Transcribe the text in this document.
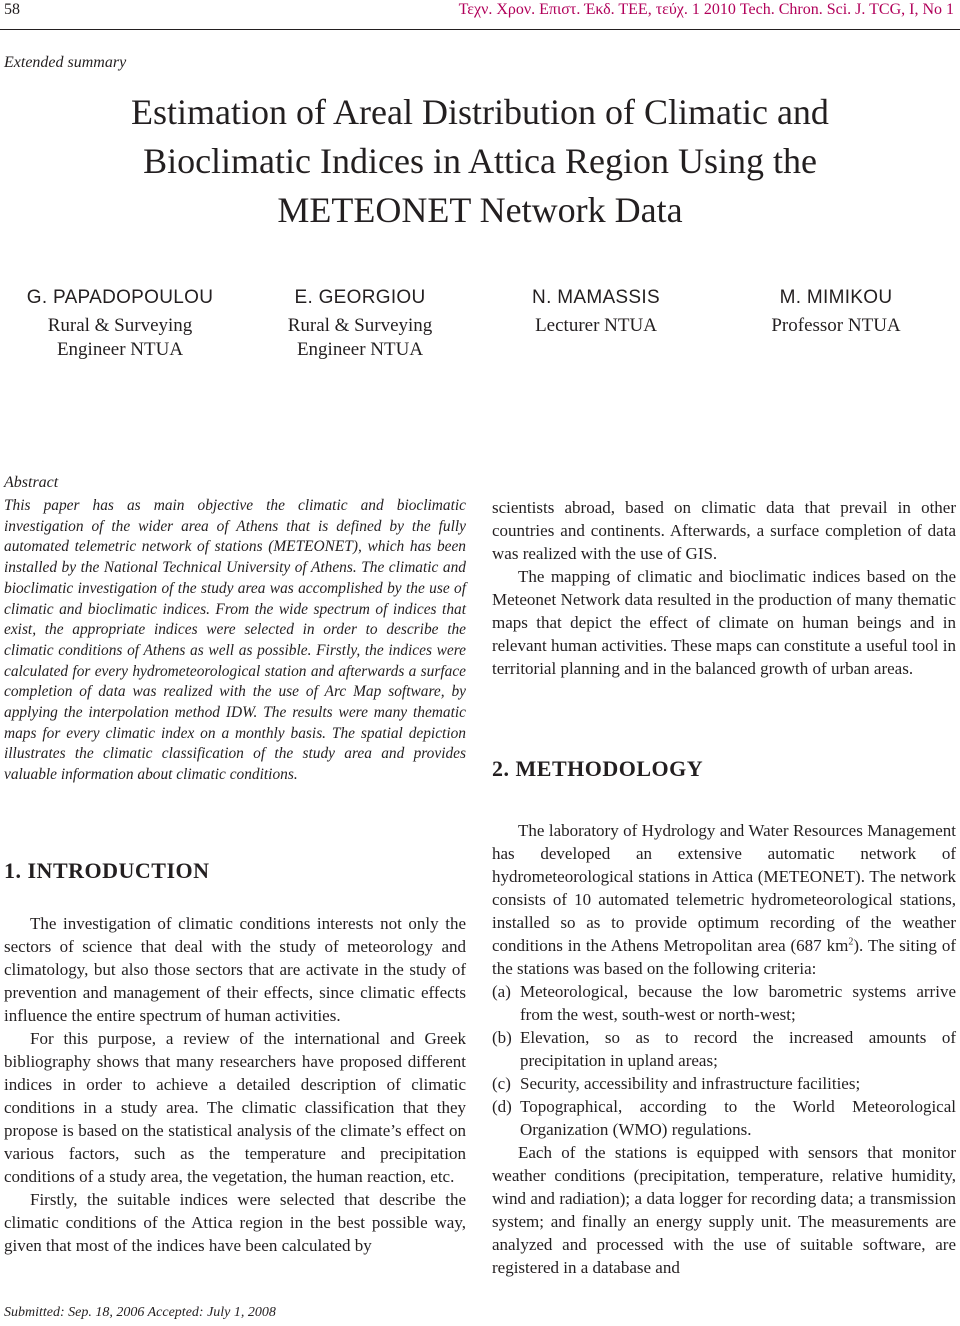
58	Τεχν. Χρον. Επιστ. Έκδ. ΤΕΕ, τεύχ. 1 2010 Tech. Chron. Sci. J. TCG, I, No 1
Extended summary
Estimation of Areal Distribution of Climatic and
Bioclimatic Indices in Attica Region Using the
METEONET Network Data
G. PAPADOPOULOU
Rural & Surveying
Engineer NTUA
E. GEORGIOU
Rural & Surveying
Engineer NTUA
N. MAMASSIS
Lecturer NTUA
M. MIMIKOU
Professor NTUA
Abstract

This paper has as main objective the climatic and bioclimatic investigation of the wider area of Athens that is defined by the fully automated telemetric network of stations (METEONET), which has been installed by the National Technical University of Athens. The climatic and bioclimatic investigation of the study area was accomplished by the use of climatic and bioclimatic indices. From the wide spectrum of indices that exist, the appropriate indices were selected in order to describe the climatic conditions of Athens as well as possible. Firstly, the indices were calculated for every hydrometeorological station and afterwards a surface completion of data was realized with the use of Arc Map software, by applying the interpolation method IDW. The results were many thematic maps for every climatic index on a monthly basis. The spatial depiction illustrates the climatic classification of the study area and provides valuable information about climatic conditions.

1. INTRODUCTION

The investigation of climatic conditions interests not only the sectors of science that deal with the study of meteorology and climatology, but also those sectors that are activate in the study of prevention and management of their effects, since climatic effects influence the entire spectrum of human activities.

For this purpose, a review of the international and Greek bibliography shows that many researchers have proposed different indices in order to achieve a detailed description of climatic conditions in a study area. The climatic classification that they propose is based on the statistical analysis of the climate’s effect on various factors, such as the temperature and precipitation conditions of a study area, the vegetation, the human reaction, etc.

Firstly, the suitable indices were selected that describe the climatic conditions of the Attica region in the best possible way, given that most of the indices have been calculated by

scientists abroad, based on climatic data that prevail in other countries and continents. Afterwards, a surface completion of data was realized with the use of GIS.

The mapping of climatic and bioclimatic indices based on the Meteonet Network data resulted in the production of many thematic maps that depict the effect of climate on human beings and in relevant human activities. These maps can constitute a useful tool in territorial planning and in the balanced growth of urban areas.

2. METHODOLOGY

The laboratory of Hydrology and Water Resources Management has developed an extensive automatic network of hydrometeorological stations in Attica (METEONET). The network consists of 10 automated telemetric hydrometeorological stations, installed so as to provide optimum recording of the weather conditions in the Athens Metropolitan area (687 $km^2$). The siting of the stations was based on the following criteria:

(a) Meteorological, because the low barometric systems arrive from the west, south-west or north-west;
(b) Elevation, so as to record the increased amounts of precipitation in upland areas;
(c) Security, accessibility and infrastructure facilities;
(d) Topographical, according to the World Meteorological Organization (WMO) regulations.

Each of the stations is equipped with sensors that monitor weather conditions (precipitation, temperature, relative humidity, wind and radiation); a data logger for recording data; a transmission system; and finally an energy supply unit. The measurements are analyzed and processed with the use of suitable software, are registered in a database and

Submitted: Sep. 18, 2006 Accepted: July 1, 2008
